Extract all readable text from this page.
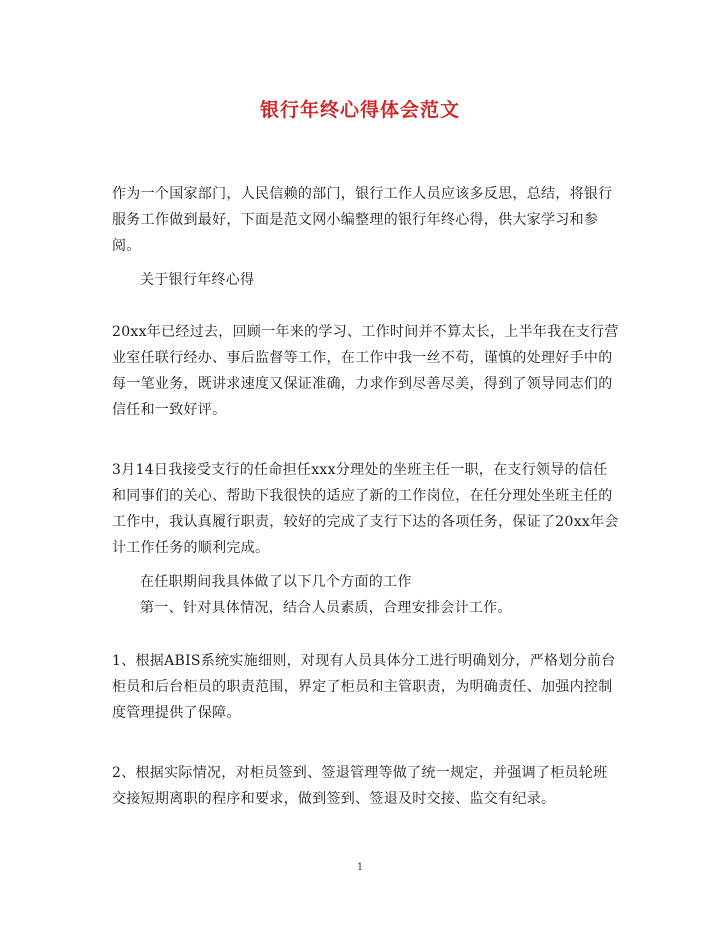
银行年终心得体会范文
作为一个国家部门，人民信赖的部门，银行工作人员应该多反思，总结，将银行服务工作做到最好，下面是范文网小编整理的银行年终心得，供大家学习和参阅。
关于银行年终心得
20xx年已经过去，回顾一年来的学习、工作时间并不算太长，上半年我在支行营业室任联行经办、事后监督等工作，在工作中我一丝不苟，谨慎的处理好手中的每一笔业务，既讲求速度又保证准确，力求作到尽善尽美，得到了领导同志们的信任和一致好评。
3月14日我接受支行的任命担任xxx分理处的坐班主任一职，在支行领导的信任和同事们的关心、帮助下我很快的适应了新的工作岗位，在任分理处坐班主任的工作中，我认真履行职责，较好的完成了支行下达的各项任务，保证了20xx年会计工作任务的顺利完成。
在任职期间我具体做了以下几个方面的工作
第一、针对具体情况，结合人员素质，合理安排会计工作。
1、根据ABIS系统实施细则，对现有人员具体分工进行明确划分，严格划分前台柜员和后台柜员的职责范围，界定了柜员和主管职责，为明确责任、加强内控制度管理提供了保障。
2、根据实际情况，对柜员签到、签退管理等做了统一规定，并强调了柜员轮班交接短期离职的程序和要求，做到签到、签退及时交接、监交有纪录。
1
